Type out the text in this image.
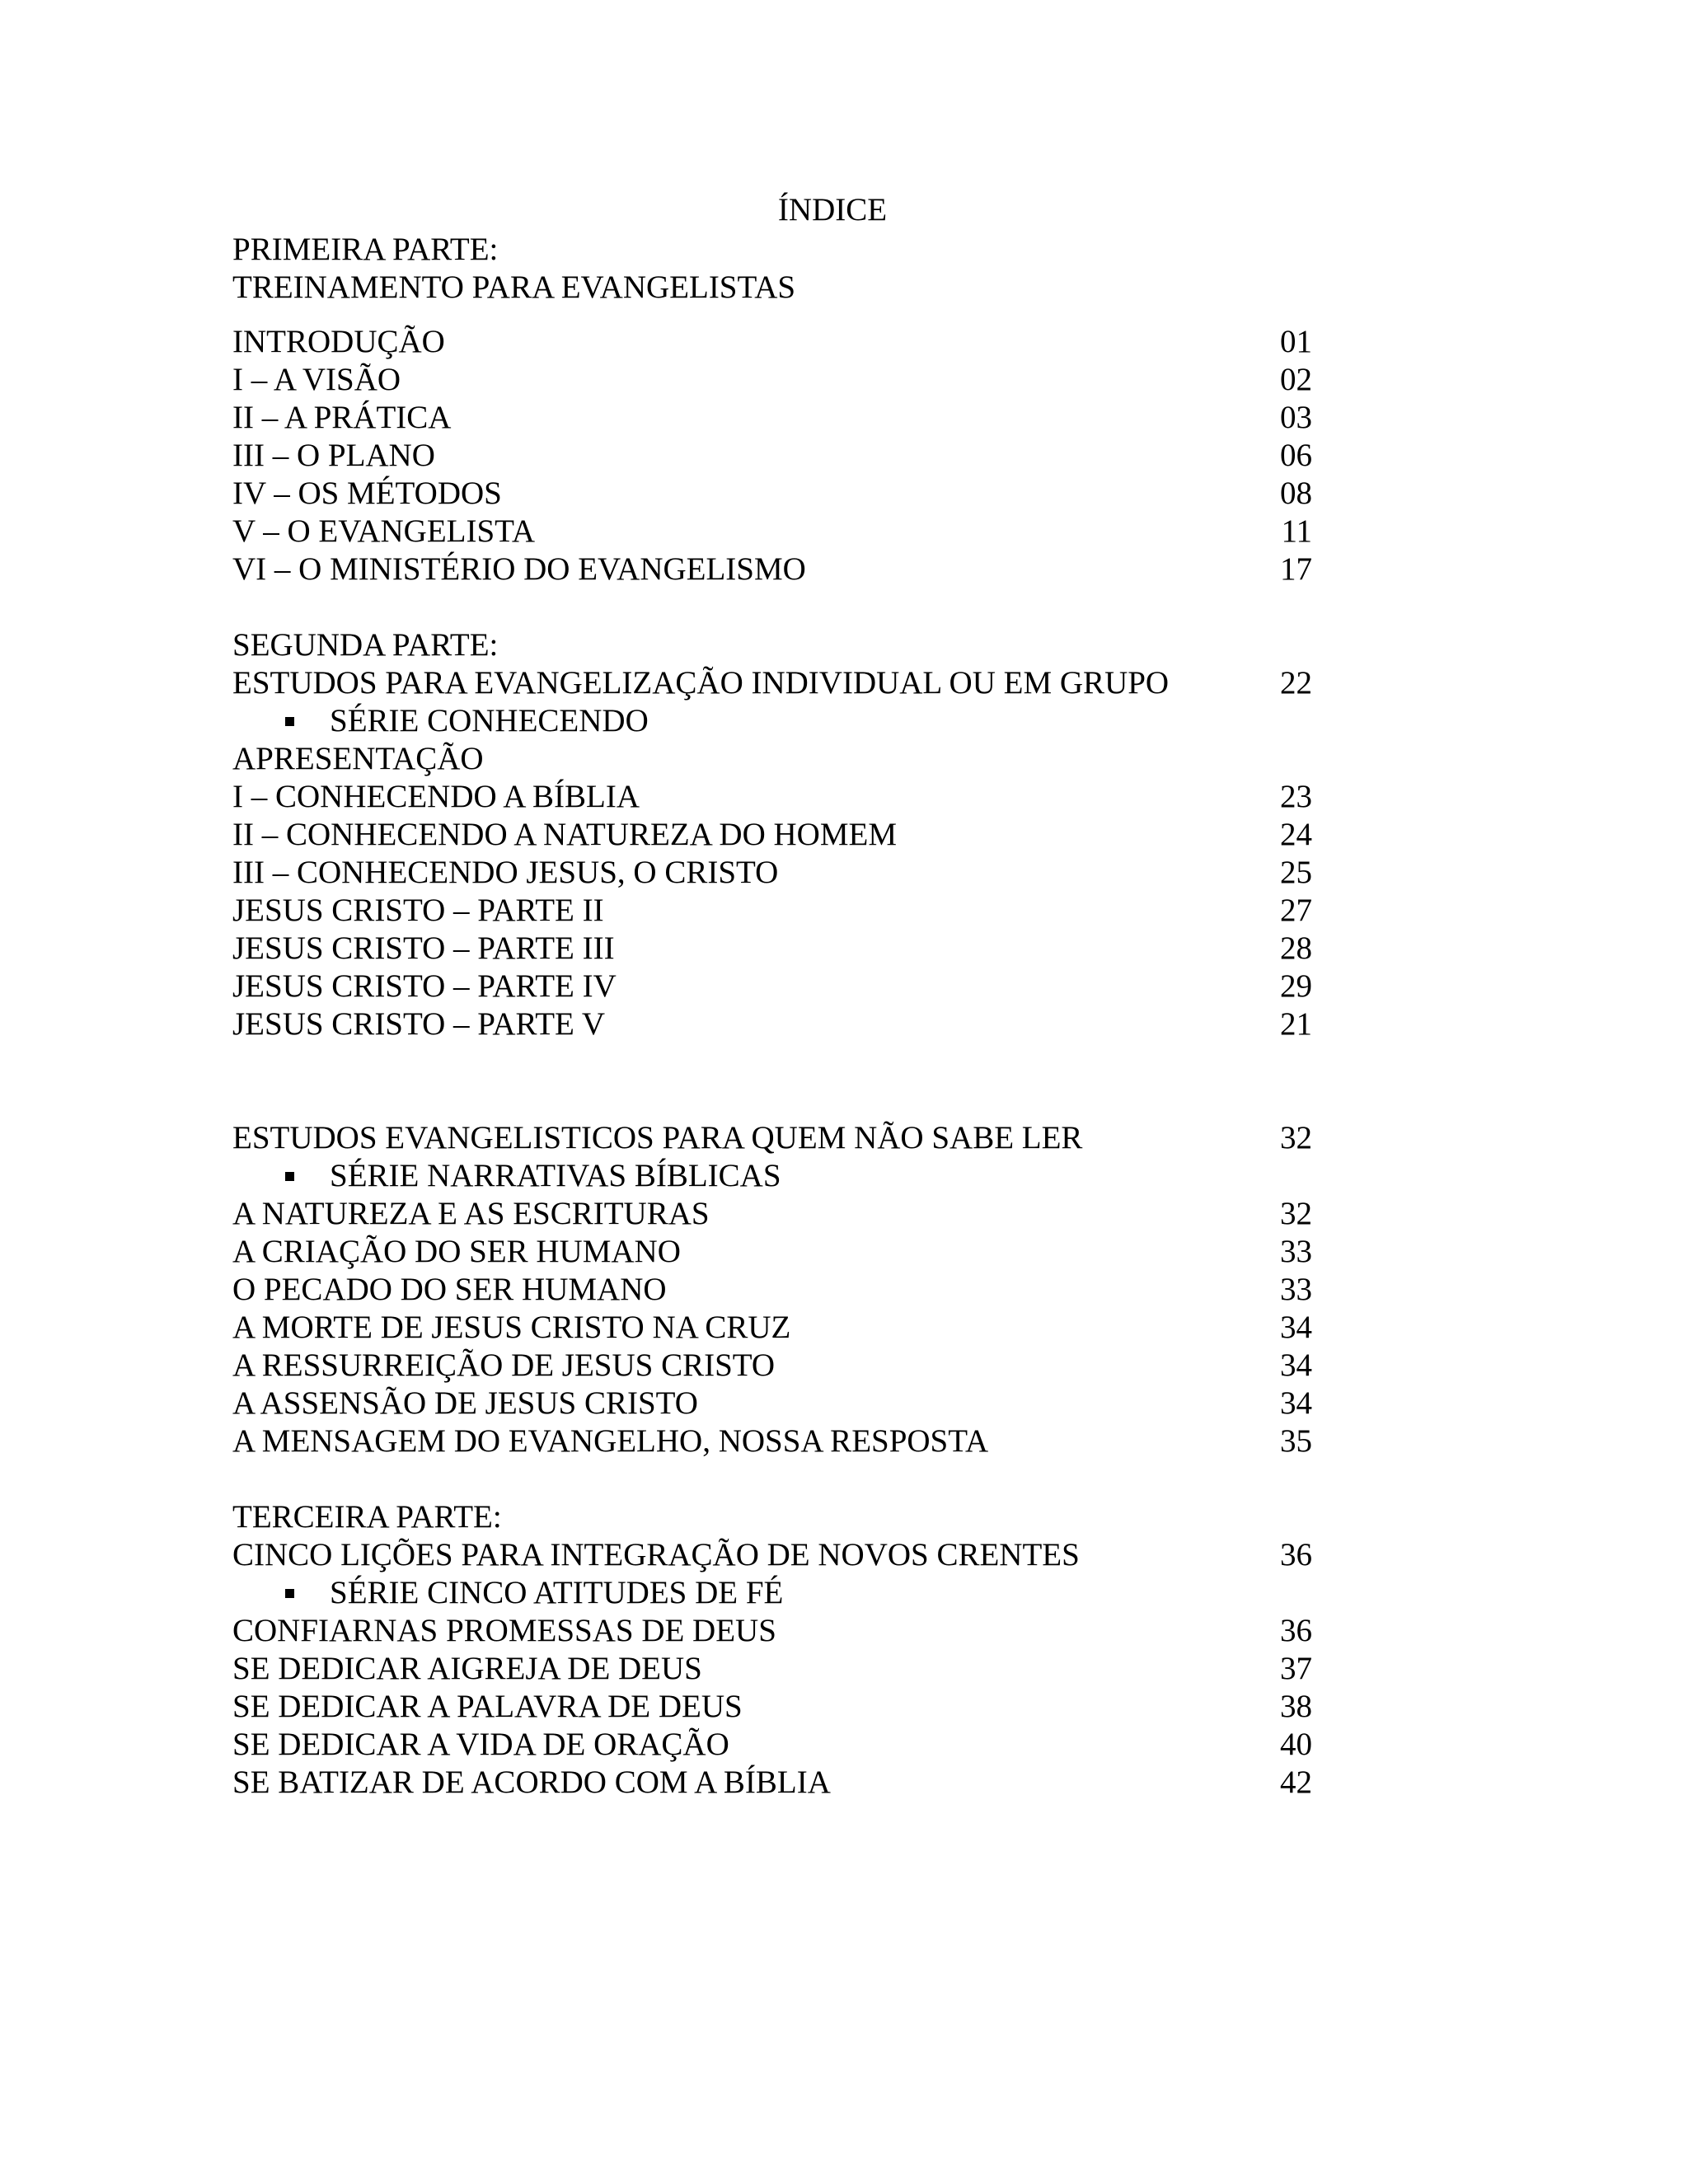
ÍNDICE
PRIMEIRA PARTE:
TREINAMENTO PARA EVANGELISTAS
INTRODUÇÃO	01
I – A VISÃO	02
II – A PRÁTICA	03
III – O PLANO	06
IV – OS MÉTODOS	08
V – O EVANGELISTA	11
VI – O MINISTÉRIO DO EVANGELISMO	17
SEGUNDA PARTE:
ESTUDOS PARA EVANGELIZAÇÃO INDIVIDUAL OU EM GRUPO	22
SÉRIE CONHECENDO
APRESENTAÇÃO
I – CONHECENDO A BÍBLIA	23
II – CONHECENDO A NATUREZA DO HOMEM	24
III – CONHECENDO JESUS, O CRISTO	25
JESUS CRISTO – PARTE II	27
JESUS CRISTO – PARTE III	28
JESUS CRISTO – PARTE IV	29
JESUS CRISTO – PARTE V	21
ESTUDOS EVANGELISTICOS PARA QUEM NÃO SABE LER	32
SÉRIE NARRATIVAS BÍBLICAS
A NATUREZA E AS ESCRITURAS	32
A CRIAÇÃO DO SER HUMANO	33
O PECADO DO SER HUMANO	33
A MORTE DE JESUS CRISTO NA CRUZ	34
A RESSURREIÇÃO DE JESUS CRISTO	34
A ASSENSÃO DE JESUS CRISTO	34
A MENSAGEM DO EVANGELHO, NOSSA RESPOSTA	35
TERCEIRA PARTE:
CINCO LIÇÕES PARA INTEGRAÇÃO DE NOVOS CRENTES	36
SÉRIE CINCO ATITUDES DE FÉ
CONFIARNAS PROMESSAS DE DEUS	36
SE DEDICAR AIGREJA DE DEUS	37
SE DEDICAR A PALAVRA DE DEUS	38
SE DEDICAR A VIDA DE ORAÇÃO	40
SE BATIZAR DE ACORDO COM A BÍBLIA	42
